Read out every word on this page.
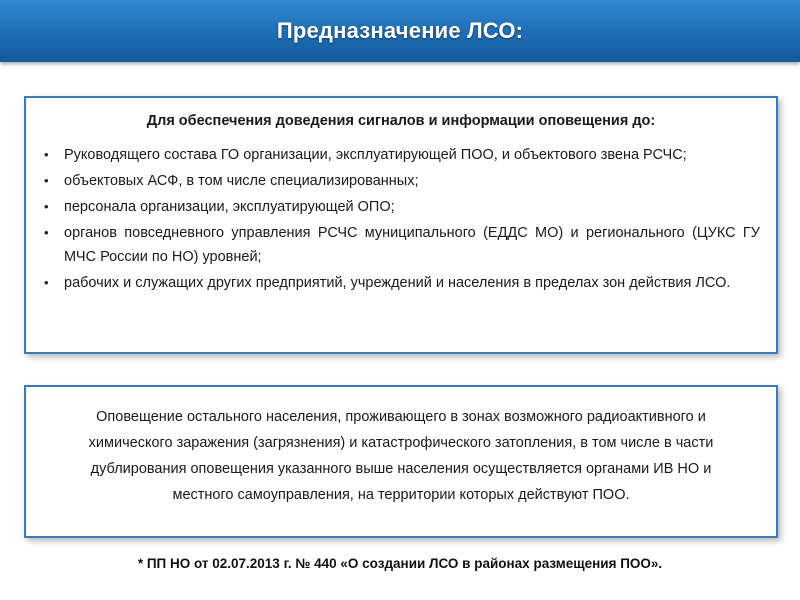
Предназначение ЛСО:
Для обеспечения доведения сигналов и информации оповещения до:
• Руководящего состава ГО организации, эксплуатирующей ПОО, и объектового звена РСЧС;
• объектовых АСФ, в том числе специализированных;
• персонала организации, эксплуатирующей ОПО;
• органов повседневного управления РСЧС муниципального (ЕДДС МО) и регионального (ЦУКС ГУ МЧС России по НО) уровней;
• рабочих и служащих других предприятий, учреждений и населения в пределах зон действия ЛСО.

Оповещение остального населения, проживающего в зонах возможного радиоактивного и химического заражения (загрязнения) и катастрофического затопления, в том числе в части дублирования оповещения указанного выше населения осуществляется органами ИВ НО и местного самоуправления, на территории которых действуют ПОО.

* ПП НО от 02.07.2013 г. № 440 «О создании ЛСО в районах размещения ПОО».
